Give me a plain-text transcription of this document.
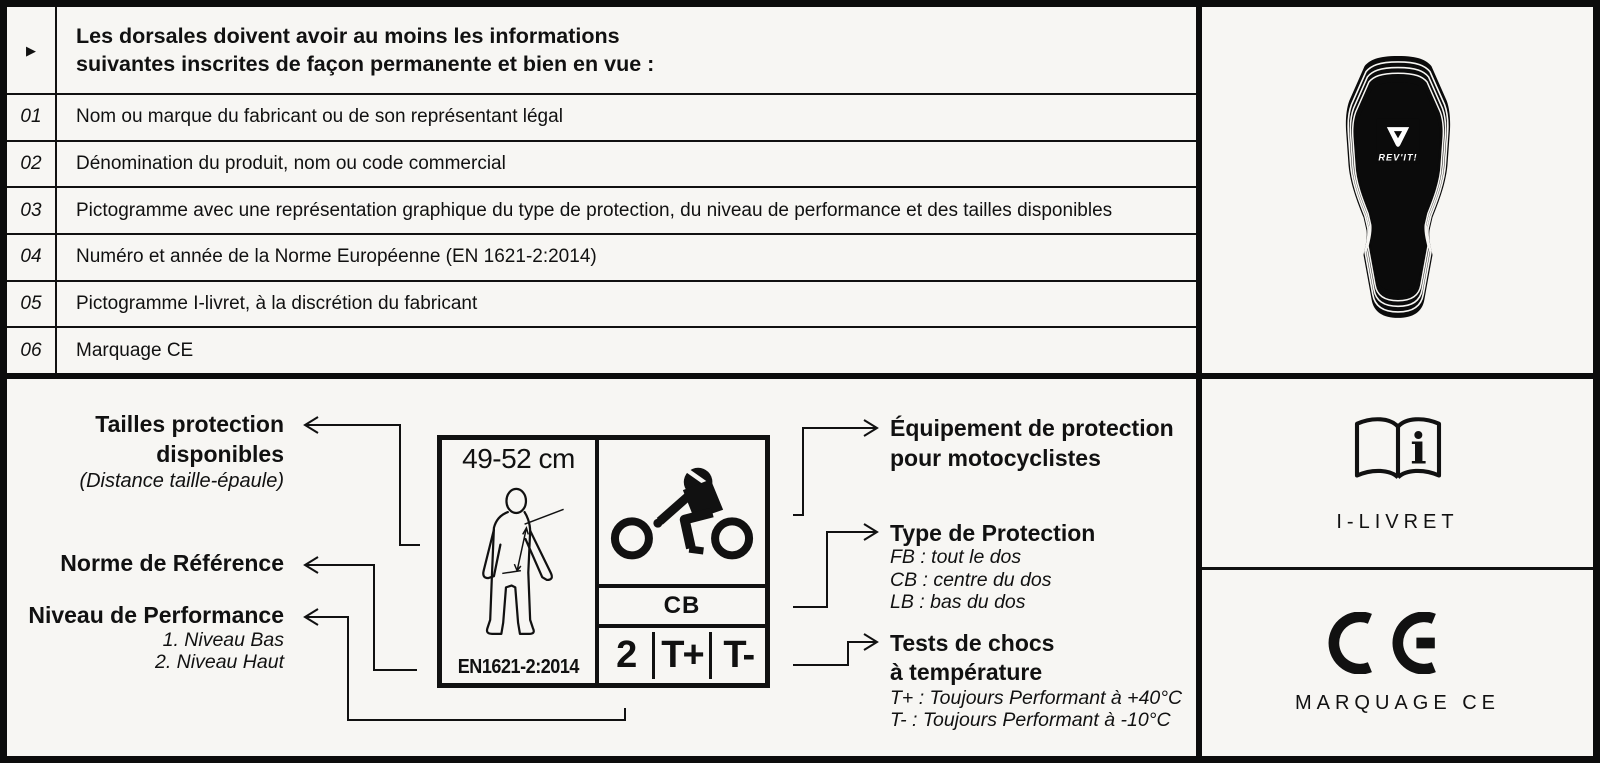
▶
Les dorsales doivent avoir au moins les informations
suivantes inscrites de façon permanente et bien en vue :
01 Nom ou marque du fabricant ou de son représentant légal
02 Dénomination du produit, nom ou code commercial
03 Pictogramme avec une représentation graphique du type de protection, du niveau de performance et des tailles disponibles
04 Numéro et année de la Norme Européenne (EN 1621-2:2014)
05 Pictogramme I-livret, à la discrétion du fabricant
06 Marquage CE
Tailles protection
disponibles
(Distance taille-épaule)
Norme de Référence
Niveau de Performance
1. Niveau Bas
2. Niveau Haut
Équipement de protection
pour motocyclistes
Type de Protection
FB : tout le dos
CB : centre du dos
LB : bas du dos
Tests de chocs
à température
T+ : Toujours Performant à +40°C
T- : Toujours Performant à -10°C
49-52 cm
EN1621-2:2014
CB
2 T+ T-
REV'IT!
i
I-LIVRET
MARQUAGE CE
